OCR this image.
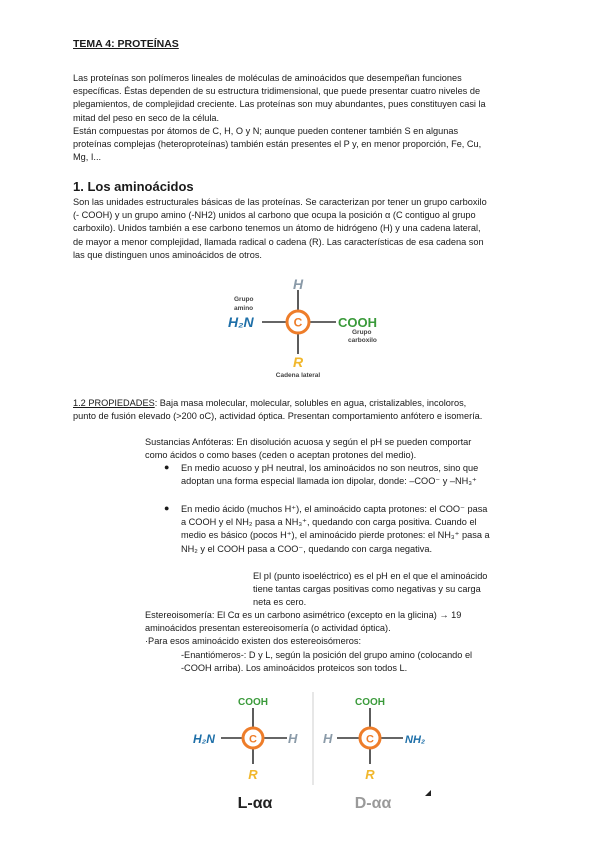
TEMA 4: PROTEÍNAS

Las proteínas son polímeros lineales de moléculas de aminoácidos que desempeñan funciones

específicas. Éstas dependen de su estructura tridimensional, que puede presentar cuatro niveles de

plegamientos, de complejidad creciente. Las proteínas son muy abundantes, pues constituyen casi la

mitad del peso en seco de la célula.

Están compuestas por átomos de C, H, O y N; aunque pueden contener también S en algunas

proteínas complejas (heteroproteínas) también están presentes el P y, en menor proporción, Fe, Cu,

Mg, I...

1. Los aminoácidos

Son las unidades estructurales básicas de las proteínas. Se caracterizan por tener un grupo carboxilo

(- COOH) y un grupo amino (-NH2) unidos al carbono que ocupa la posición α (C contiguo al grupo

carboxilo). Unidos también a ese carbono tenemos un átomo de hidrógeno (H) y una cadena lateral,

de mayor a menor complejidad, llamada radical o cadena (R). Las características de esa cadena son

las que distinguen unos aminoácidos de otros.

C
H
H₂N	COOH
R
Grupo
amino
Grupo
carboxilo
Cadena lateral

1.2 PROPIEDADES: Baja masa molecular, molecular, solubles en agua, cristalizables, incoloros,

punto de fusión elevado (>200 oC), actividad óptica. Presentan comportamiento anfótero e isomería.

Sustancias Anfóteras: En disolución acuosa y según el pH se pueden comportar

como ácidos o como bases (ceden o aceptan protones del medio).

● En medio acuoso y pH neutral, los aminoácidos no son neutros, sino que

adoptan una forma especial llamada ion dipolar, donde: –COO⁻ y –NH₃⁺

● En medio ácido (muchos H⁺), el aminoácido capta protones: el COO⁻ pasa

a COOH y el NH₂ pasa a NH₃⁺, quedando con carga positiva. Cuando el

medio es básico (pocos H⁺), el aminoácido pierde protones: el NH₃⁺ pasa a

NH₂ y el COOH pasa a COO⁻, quedando con carga negativa.

El pI (punto isoeléctrico) es el pH en el que el aminoácido

tiene tantas cargas positivas como negativas y su carga

neta es cero.

Estereoisomería: El Cα es un carbono asimétrico (excepto en la glicina) → 19

aminoácidos presentan estereoisomería (o actividad óptica).

·Para esos aminoácido existen dos estereoisómeros:

-Enantiómeros-: D y L, según la posición del grupo amino (colocando el

-COOH arriba). Los aminoácidos proteicos son todos L.

C
COOH
H₂N	H
R
L-αα
C
COOH
H	NH₂
R
D-αα
